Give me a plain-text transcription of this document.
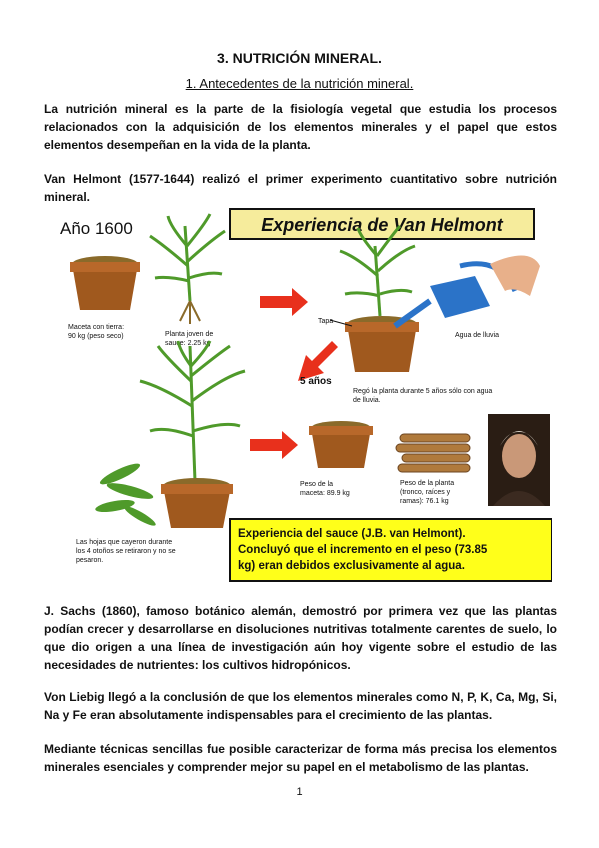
3. NUTRICIÓN MINERAL.
1. Antecedentes de la nutrición mineral.
La nutrición mineral es la parte de la fisiología vegetal que estudia los procesos relacionados con la adquisición de los elementos minerales y el papel que estos elementos desempeñan en la vida de la planta.
Van Helmont (1577-1644) realizó el primer experimento cuantitativo sobre nutrición mineral.
Año 1600	Experiencia de Van Helmont
Maceta con tierra:
90 kg (peso seco)	Planta joven de
sauce: 2.25 kg
Tapa
Agua de lluvia
5 años
Regó la planta durante 5 años sólo con agua
de lluvia.
Peso de la
maceta: 89.9 kg
Peso de la planta
(tronco, raíces y
ramas): 76.1 kg
Las hojas que cayeron durante
los 4 otoños se retiraron y no se
pesaron.
Experiencia del sauce (J.B. van Helmont).
Concluyó que el incremento en el peso (73.85
kg) eran debidos exclusivamente al agua.
J. Sachs (1860), famoso botánico alemán, demostró por primera vez que las plantas podían crecer y desarrollarse en disoluciones nutritivas totalmente carentes de suelo, lo que dio origen a una línea de investigación aún hoy vigente sobre el estudio de las necesidades de nutrientes: los cultivos hidropónicos.
Von Liebig llegó a la conclusión de que los elementos minerales como N, P, K, Ca, Mg, Si, Na y Fe eran absolutamente indispensables para el crecimiento de las plantas.
Mediante técnicas sencillas fue posible caracterizar de forma más precisa los elementos minerales esenciales y comprender mejor su papel en el metabolismo de las plantas.
1
